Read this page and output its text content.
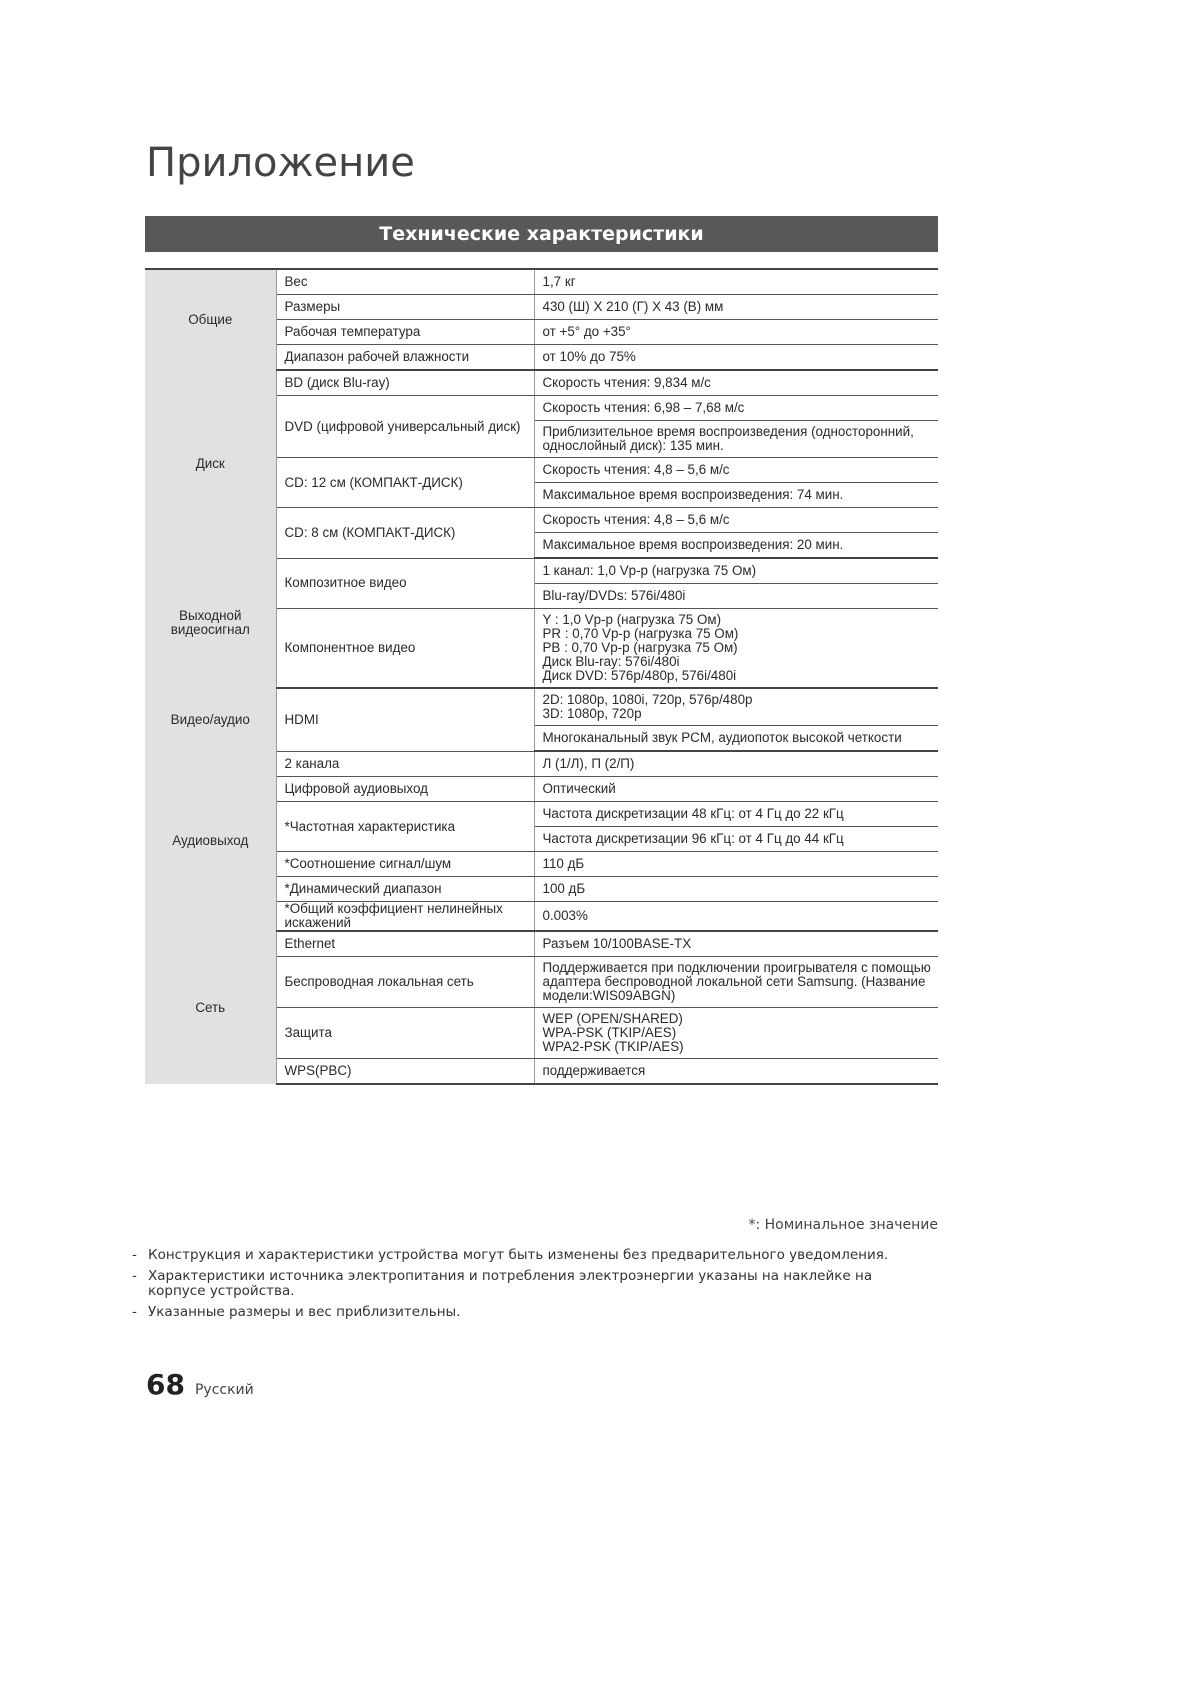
Приложение
Технические характеристики
Общие	Вес	1,7 кг
	Размеры	430 (Ш) X 210 (Г) X 43 (В) мм
	Рабочая температура	от +5° до +35°
	Диапазон рабочей влажности	от 10% до 75%
Диск	BD (диск Blu-ray)	Скорость чтения: 9,834 м/с
	DVD (цифровой универсальный диск)	Скорость чтения: 6,98 – 7,68 м/с
		Приблизительное время воспроизведения (односторонний,
однослойный диск): 135 мин.
	CD: 12 см (КОМПАКТ-ДИСК)	Скорость чтения: 4,8 – 5,6 м/с
		Максимальное время воспроизведения: 74 мин.
	CD: 8 см (КОМПАКТ-ДИСК)	Скорость чтения: 4,8 – 5,6 м/с
		Максимальное время воспроизведения: 20 мин.
Выходной
видеосигнал	Композитное видео	1 канал: 1,0 Vp-p (нагрузка 75 Ом)
		Blu-ray/DVDs: 576i/480i
	Компонентное видео	Y : 1,0 Vp-p (нагрузка 75 Ом)
PR : 0,70 Vp-p (нагрузка 75 Ом)
PB : 0,70 Vp-p (нагрузка 75 Ом)
Диск Blu-ray: 576i/480i
Диск DVD: 576p/480p, 576i/480i
Видео/аудио	HDMI	2D: 1080p, 1080i, 720p, 576p/480p
3D: 1080p, 720p
		Многоканальный звук PCM, аудиопоток высокой четкости
Аудиовыход	2 канала	Л (1/Л), П (2/П)
	Цифровой аудиовыход	Оптический
	*Частотная характеристика	Частота дискретизации 48 кГц: от 4 Гц до 22 кГц
		Частота дискретизации 96 кГц: от 4 Гц до 44 кГц
	*Соотношение сигнал/шум	110 дБ
	*Динамический диапазон	100 дБ
	*Общий коэффициент нелинейных
искажений	0.003%
Сеть	Ethernet	Разъем 10/100BASE-TX
	Беспроводная локальная сеть	Поддерживается при подключении проигрывателя с помощью
адаптера беспроводной локальной сети Samsung. (Название
модели:WIS09ABGN)
	Защита	WEP (OPEN/SHARED)
WPA-PSK (TKIP/AES)
WPA2-PSK (TKIP/AES)
	WPS(PBC)	поддерживается
*: Номинальное значение
- Конструкция и характеристики устройства могут быть изменены без предварительного уведомления.
- Характеристики источника электропитания и потребления электроэнергии указаны на наклейке на корпусе устройства.
- Указанные размеры и вес приблизительны.
68 Русский
